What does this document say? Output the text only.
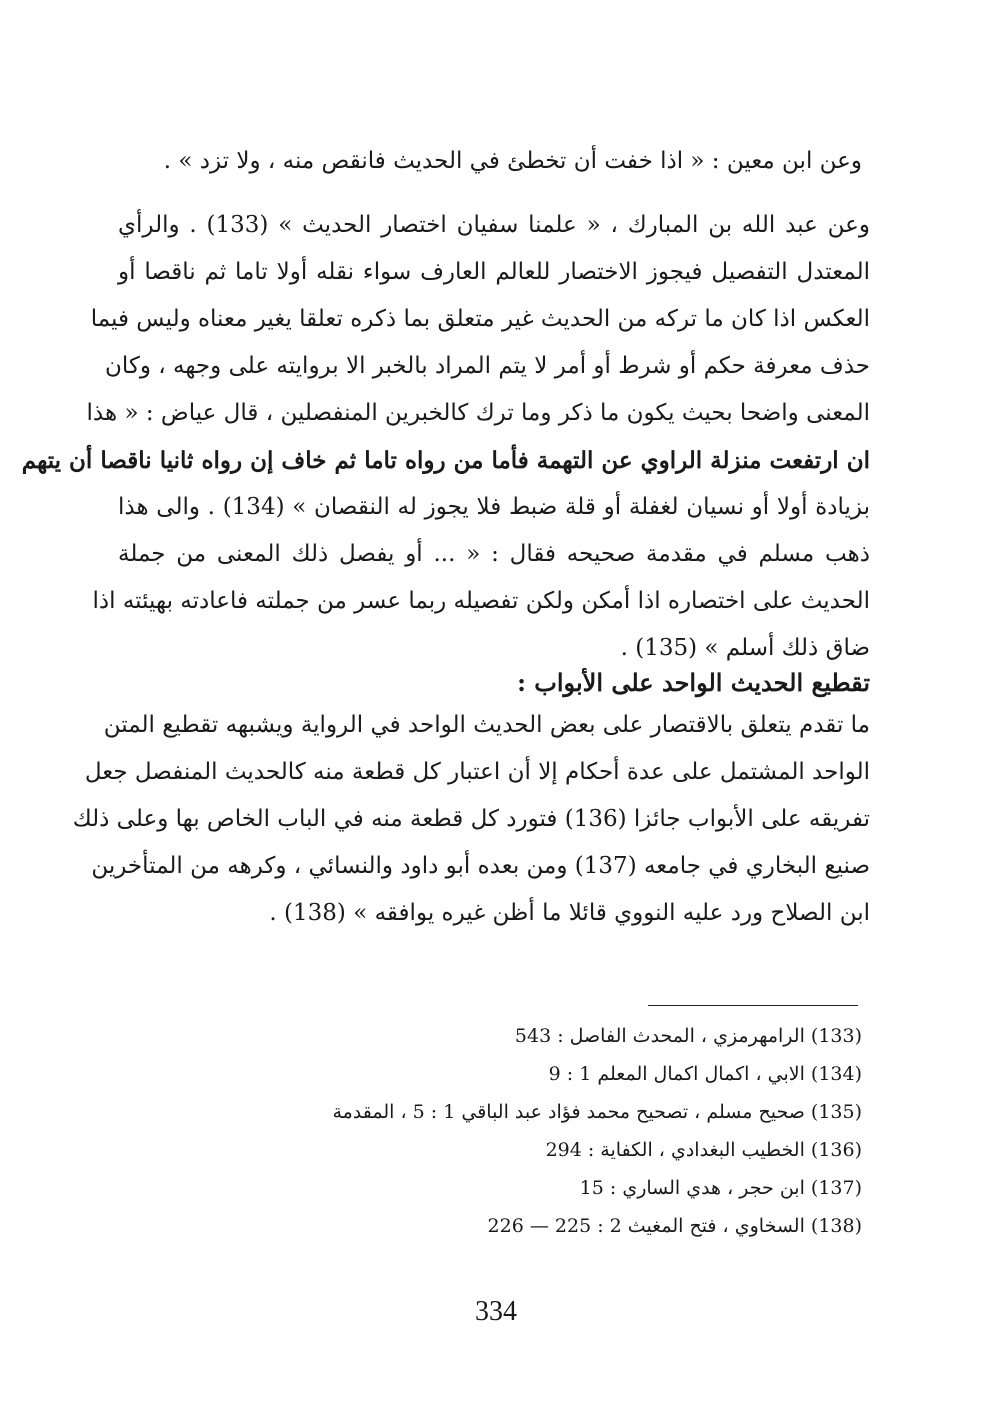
وعن ابن معين : « اذا خفت أن تخطئ في الحديث فانقص منه ، ولا تزد » .
وعن عبد الله بن المبارك ، « علمنا سفيان اختصار الحديث » (133) . والرأي
المعتدل التفصيل فيجوز الاختصار للعالم العارف سواء نقله أولا تاما ثم ناقصا أو
العكس اذا كان ما تركه من الحديث غير متعلق بما ذكره تعلقا يغير معناه وليس فيما
حذف معرفة حكم أو شرط أو أمر لا يتم المراد بالخبر الا بروايته على وجهه ، وكان
المعنى واضحا بحيث يكون ما ذكر وما ترك كالخبرين المنفصلين ، قال عياض : « هذا
ان ارتفعت منزلة الراوي عن التهمة فأما من رواه تاما ثم خاف إن رواه ثانيا ناقصا أن يتهم
بزيادة أولا أو نسيان لغفلة أو قلة ضبط فلا يجوز له النقصان » (134) . والى هذا
ذهب مسلم في مقدمة صحيحه فقال : « ... أو يفصل ذلك المعنى من جملة
الحديث على اختصاره اذا أمكن ولكن تفصيله ربما عسر من جملته فاعادته بهيئته اذا
ضاق ذلك أسلم » (135) .
تقطيع الحديث الواحد على الأبواب :
ما تقدم يتعلق بالاقتصار على بعض الحديث الواحد في الرواية ويشبهه تقطيع المتن
الواحد المشتمل على عدة أحكام إلا أن اعتبار كل قطعة منه كالحديث المنفصل جعل
تفريقه على الأبواب جائزا (136) فتورد كل قطعة منه في الباب الخاص بها وعلى ذلك
صنيع البخاري في جامعه (137) ومن بعده أبو داود والنسائي ، وكرهه من المتأخرين
ابن الصلاح ورد عليه النووي قائلا ما أظن غيره يوافقه » (138) .
(133) الرامهرمزي ، المحدث الفاصل : 543
(134) الابي ، اكمال اكمال المعلم 1 : 9
(135) صحيح مسلم ، تصحيح محمد فؤاد عبد الباقي 1 : 5 ، المقدمة
(136) الخطيب البغدادي ، الكفاية : 294
(137) ابن حجر ، هدي الساري : 15
(138) السخاوي ، فتح المغيث 2 : 225 — 226
334
